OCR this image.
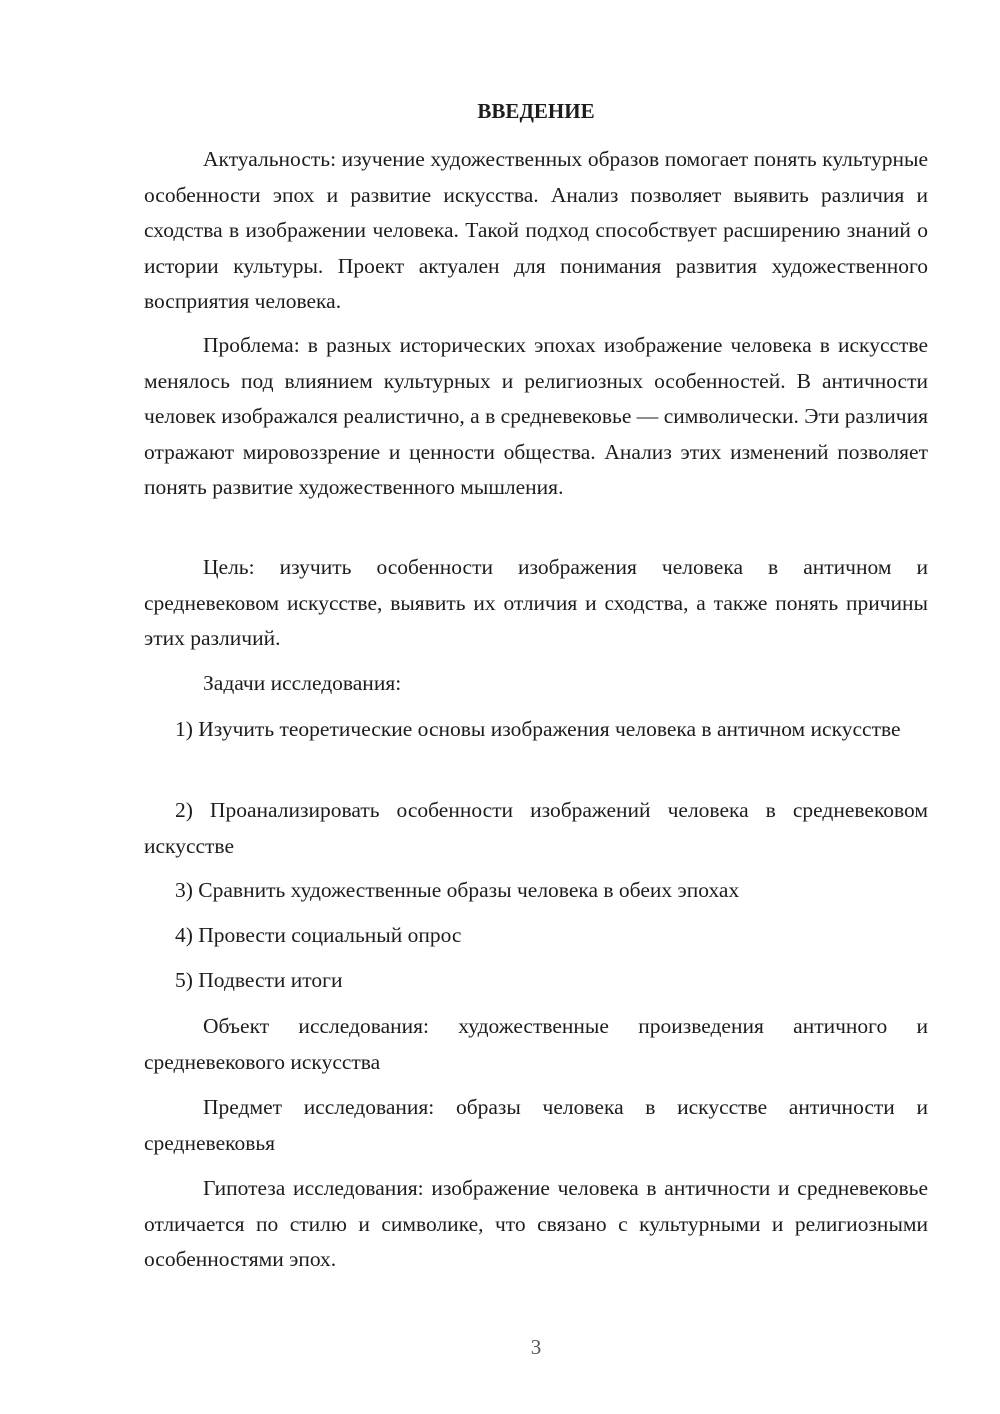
ВВЕДЕНИЕ

Актуальность: изучение художественных образов помогает понять культурные особенности эпох и развитие искусства. Анализ позволяет выявить различия и сходства в изображении человека. Такой подход способствует расширению знаний о истории культуры. Проект актуален для понимания развития художественного восприятия человека.

Проблема: в разных исторических эпохах изображение человека в искусстве менялось под влиянием культурных и религиозных особенностей. В античности человек изображался реалистично, а в средневековье — символически. Эти различия отражают мировоззрение и ценности общества. Анализ этих изменений позволяет понять развитие художественного мышления.

Цель: изучить особенности изображения человека в античном и средневековом искусстве, выявить их отличия и сходства, а также понять причины этих различий.

Задачи исследования:

1) Изучить теоретические основы изображения человека в античном искусстве

2) Проанализировать особенности изображений человека в средневековом искусстве

3) Сравнить художественные образы человека в обеих эпохах

4) Провести социальный опрос

5) Подвести итоги

Объект исследования: художественные произведения античного и средневекового искусства

Предмет исследования: образы человека в искусстве античности и средневековья

Гипотеза исследования: изображение человека в античности и средневековье отличается по стилю и символике, что связано с культурными и религиозными особенностями эпох.

3
